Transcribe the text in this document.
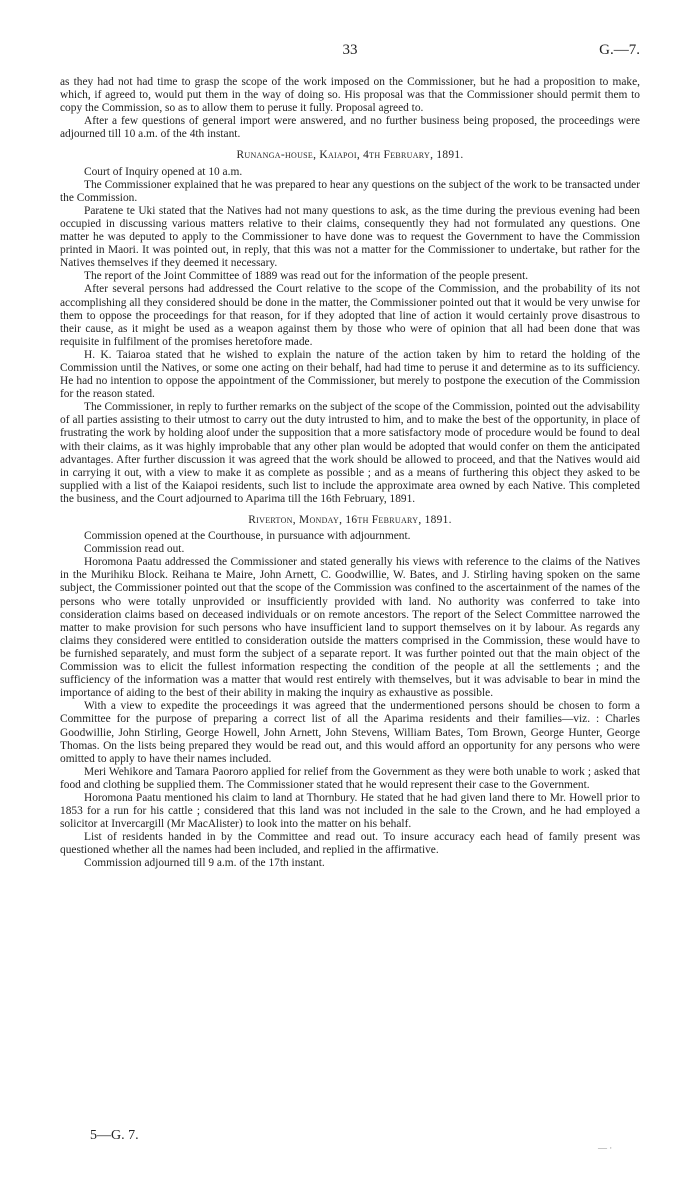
33	G.—7.

as they had not had time to grasp the scope of the work imposed on the Commissioner, but he had a proposition to make, which, if agreed to, would put them in the way of doing so. His proposal was that the Commissioner should permit them to copy the Commission, so as to allow them to peruse it fully. Proposal agreed to.

After a few questions of general import were answered, and no further business being proposed, the proceedings were adjourned till 10 a.m. of the 4th instant.

Runanga-house, Kaiapoi, 4th February, 1891.

Court of Inquiry opened at 10 a.m.

The Commissioner explained that he was prepared to hear any questions on the subject of the work to be transacted under the Commission.

Paratene te Uki stated that the Natives had not many questions to ask, as the time during the previous evening had been occupied in discussing various matters relative to their claims, consequently they had not formulated any questions. One matter he was deputed to apply to the Commissioner to have done was to request the Government to have the Commission printed in Maori. It was pointed out, in reply, that this was not a matter for the Commissioner to undertake, but rather for the Natives themselves if they deemed it necessary.

The report of the Joint Committee of 1889 was read out for the information of the people present.

After several persons had addressed the Court relative to the scope of the Commission, and the probability of its not accomplishing all they considered should be done in the matter, the Commissioner pointed out that it would be very unwise for them to oppose the proceedings for that reason, for if they adopted that line of action it would certainly prove disastrous to their cause, as it might be used as a weapon against them by those who were of opinion that all had been done that was requisite in fulfilment of the promises heretofore made.

H. K. Taiaroa stated that he wished to explain the nature of the action taken by him to retard the holding of the Commission until the Natives, or some one acting on their behalf, had had time to peruse it and determine as to its sufficiency. He had no intention to oppose the appointment of the Commissioner, but merely to postpone the execution of the Commission for the reason stated.

The Commissioner, in reply to further remarks on the subject of the scope of the Commission, pointed out the advisability of all parties assisting to their utmost to carry out the duty intrusted to him, and to make the best of the opportunity, in place of frustrating the work by holding aloof under the supposition that a more satisfactory mode of procedure would be found to deal with their claims, as it was highly improbable that any other plan would be adopted that would confer on them the anticipated advantages. After further discussion it was agreed that the work should be allowed to proceed, and that the Natives would aid in carrying it out, with a view to make it as complete as possible ; and as a means of furthering this object they asked to be supplied with a list of the Kaiapoi residents, such list to include the approximate area owned by each Native. This completed the business, and the Court adjourned to Aparima till the 16th February, 1891.

Riverton, Monday, 16th February, 1891.

Commission opened at the Courthouse, in pursuance with adjournment.

Commission read out.

Horomona Paatu addressed the Commissioner and stated generally his views with reference to the claims of the Natives in the Murihiku Block. Reihana te Maire, John Arnett, C. Goodwillie, W. Bates, and J. Stirling having spoken on the same subject, the Commissioner pointed out that the scope of the Commission was confined to the ascertainment of the names of the persons who were totally unprovided or insufficiently provided with land. No authority was conferred to take into consideration claims based on deceased individuals or on remote ancestors. The report of the Select Committee narrowed the matter to make provision for such persons who have insufficient land to support themselves on it by labour. As regards any claims they considered were entitled to consideration outside the matters comprised in the Commission, these would have to be furnished separately, and must form the subject of a separate report. It was further pointed out that the main object of the Commission was to elicit the fullest information respecting the condition of the people at all the settlements ; and the sufficiency of the information was a matter that would rest entirely with themselves, but it was advisable to bear in mind the importance of aiding to the best of their ability in making the inquiry as exhaustive as possible.

With a view to expedite the proceedings it was agreed that the undermentioned persons should be chosen to form a Committee for the purpose of preparing a correct list of all the Aparima residents and their families—viz. : Charles Goodwillie, John Stirling, George Howell, John Arnett, John Stevens, William Bates, Tom Brown, George Hunter, George Thomas. On the lists being prepared they would be read out, and this would afford an opportunity for any persons who were omitted to apply to have their names included.

Meri Wehikore and Tamara Paororo applied for relief from the Government as they were both unable to work ; asked that food and clothing be supplied them. The Commissioner stated that he would represent their case to the Government.

Horomona Paatu mentioned his claim to land at Thornbury. He stated that he had given land there to Mr. Howell prior to 1853 for a run for his cattle ; considered that this land was not included in the sale to the Crown, and he had employed a solicitor at Invercargill (Mr MacAlister) to look into the matter on his behalf.

List of residents handed in by the Committee and read out. To insure accuracy each head of family present was questioned whether all the names had been included, and replied in the affirmative.

Commission adjourned till 9 a.m. of the 17th instant.

5—G. 7.
— ·
